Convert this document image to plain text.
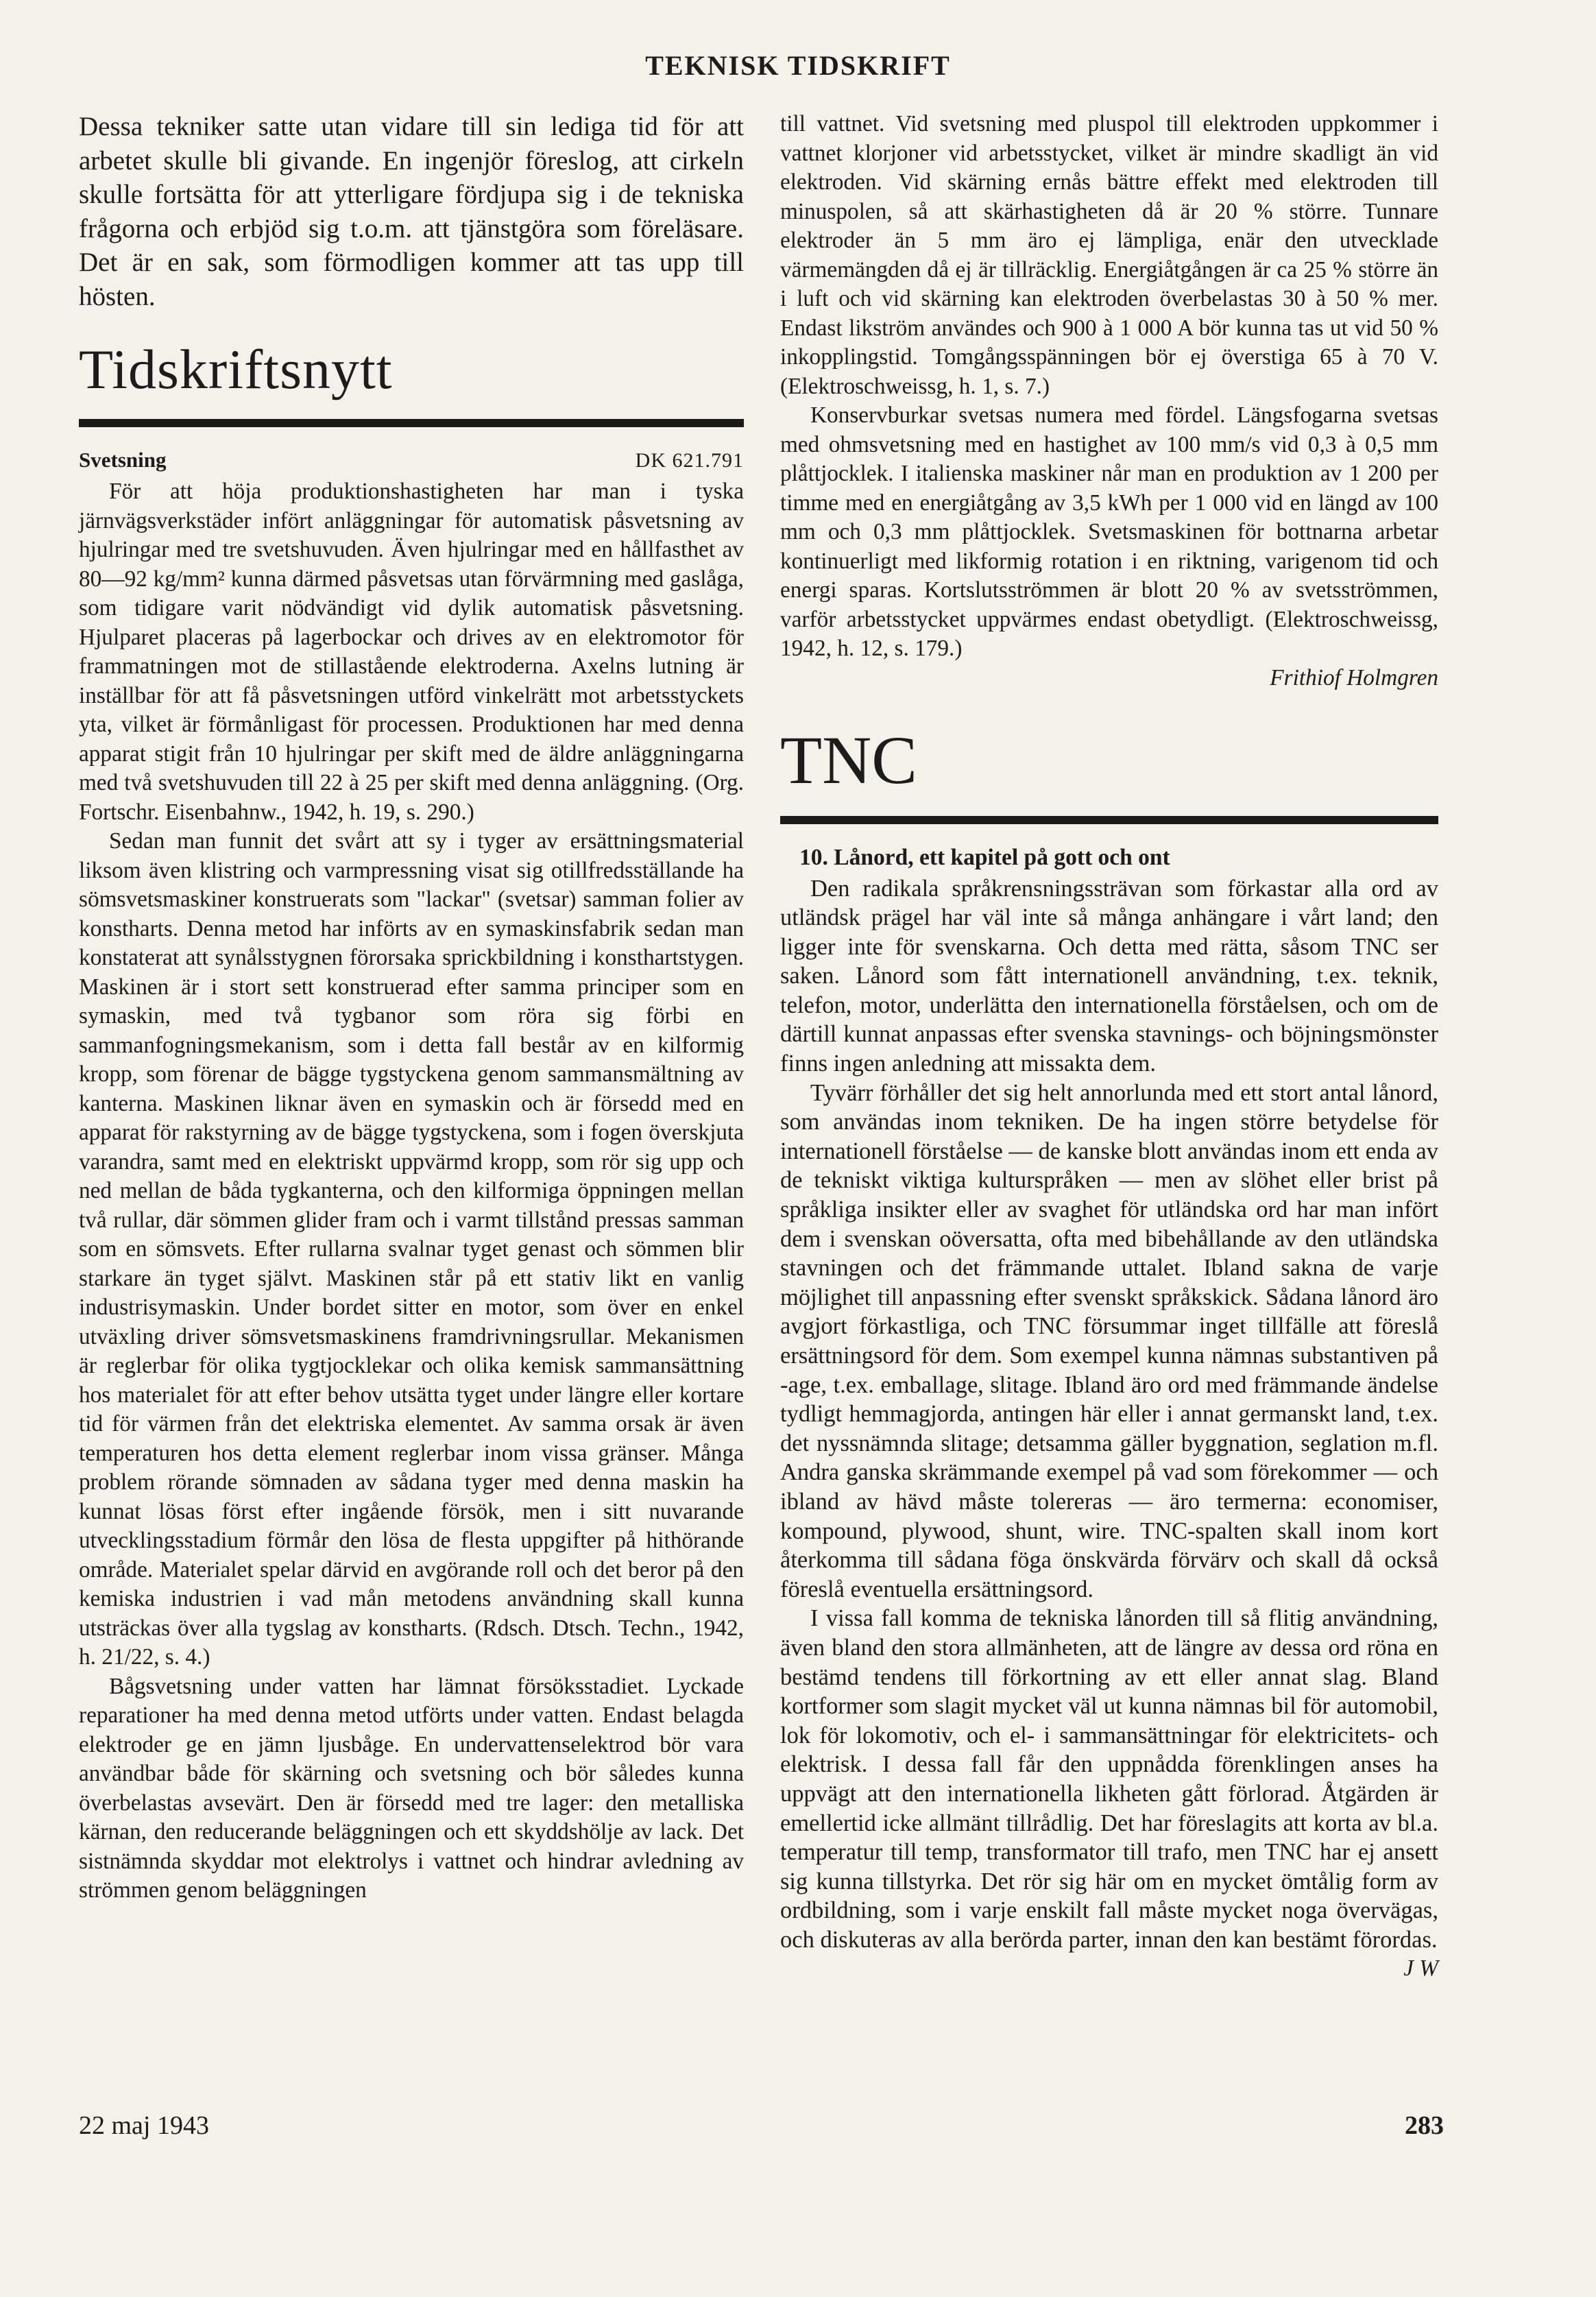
TEKNISK TIDSKRIFT

Dessa tekniker satte utan vidare till sin lediga tid för att arbetet skulle bli givande. En ingenjör föreslog, att cirkeln skulle fortsätta för att ytterligare fördjupa sig i de tekniska frågorna och erbjöd sig t.o.m. att tjänstgöra som föreläsare. Det är en sak, som förmodligen kommer att tas upp till hösten.

Tidskriftsnytt
Svetsning	DK 621.791

För att höja produktionshastigheten har man i tyska järnvägsverkstäder infört anläggningar för automatisk påsvetsning av hjulringar med tre svetshuvuden. Även hjulringar med en hållfasthet av 80—92 kg/mm² kunna därmed påsvetsas utan förvärmning med gaslåga, som tidigare varit nödvändigt vid dylik automatisk påsvetsning. Hjulparet placeras på lagerbockar och drives av en elektromotor för frammatningen mot de stillastående elektroderna. Axelns lutning är inställbar för att få påsvetsningen utförd vinkelrätt mot arbetsstyckets yta, vilket är förmånligast för processen. Produktionen har med denna apparat stigit från 10 hjulringar per skift med de äldre anläggningarna med två svetshuvuden till 22 à 25 per skift med denna anläggning. (Org. Fortschr. Eisenbahnw., 1942, h. 19, s. 290.)

Sedan man funnit det svårt att sy i tyger av ersättningsmaterial liksom även klistring och varmpressning visat sig otillfredsställande ha sömsvetsmaskiner konstruerats som "lackar" (svetsar) samman folier av konstharts. Denna metod har införts av en symaskinsfabrik sedan man konstaterat att synålsstygnen förorsaka sprickbildning i konsthartstygen. Maskinen är i stort sett konstruerad efter samma principer som en symaskin, med två tygbanor som röra sig förbi en sammanfogningsmekanism, som i detta fall består av en kilformig kropp, som förenar de bägge tygstyckena genom sammansmältning av kanterna. Maskinen liknar även en symaskin och är försedd med en apparat för rakstyrning av de bägge tygstyckena, som i fogen överskjuta varandra, samt med en elektriskt uppvärmd kropp, som rör sig upp och ned mellan de båda tygkanterna, och den kilformiga öppningen mellan två rullar, där sömmen glider fram och i varmt tillstånd pressas samman som en sömsvets. Efter rullarna svalnar tyget genast och sömmen blir starkare än tyget självt. Maskinen står på ett stativ likt en vanlig industrisymaskin. Under bordet sitter en motor, som över en enkel utväxling driver sömsvetsmaskinens framdrivningsrullar. Mekanismen är reglerbar för olika tygtjocklekar och olika kemisk sammansättning hos materialet för att efter behov utsätta tyget under längre eller kortare tid för värmen från det elektriska elementet. Av samma orsak är även temperaturen hos detta element reglerbar inom vissa gränser. Många problem rörande sömnaden av sådana tyger med denna maskin ha kunnat lösas först efter ingående försök, men i sitt nuvarande utvecklingsstadium förmår den lösa de flesta uppgifter på hithörande område. Materialet spelar därvid en avgörande roll och det beror på den kemiska industrien i vad mån metodens användning skall kunna utsträckas över alla tygslag av konstharts. (Rdsch. Dtsch. Techn., 1942, h. 21/22, s. 4.)

Bågsvetsning under vatten har lämnat försöksstadiet. Lyckade reparationer ha med denna metod utförts under vatten. Endast belagda elektroder ge en jämn ljusbåge. En undervattenselektrod bör vara användbar både för skärning och svetsning och bör således kunna överbelastas avsevärt. Den är försedd med tre lager: den metalliska kärnan, den reducerande beläggningen och ett skyddshölje av lack. Det sistnämnda skyddar mot elektrolys i vattnet och hindrar avledning av strömmen genom beläggningen

till vattnet. Vid svetsning med pluspol till elektroden uppkommer i vattnet klorjoner vid arbetsstycket, vilket är mindre skadligt än vid elektroden. Vid skärning ernås bättre effekt med elektroden till minuspolen, så att skärhastigheten då är 20 % större. Tunnare elektroder än 5 mm äro ej lämpliga, enär den utvecklade värmemängden då ej är tillräcklig. Energiåtgången är ca 25 % större än i luft och vid skärning kan elektroden överbelastas 30 à 50 % mer. Endast likström användes och 900 à 1 000 A bör kunna tas ut vid 50 % inkopplingstid. Tomgångsspänningen bör ej överstiga 65 à 70 V. (Elektroschweissg, h. 1, s. 7.)

Konservburkar svetsas numera med fördel. Längsfogarna svetsas med ohmsvetsning med en hastighet av 100 mm/s vid 0,3 à 0,5 mm plåttjocklek. I italienska maskiner når man en produktion av 1 200 per timme med en energiåtgång av 3,5 kWh per 1 000 vid en längd av 100 mm och 0,3 mm plåttjocklek. Svetsmaskinen för bottnarna arbetar kontinuerligt med likformig rotation i en riktning, varigenom tid och energi sparas. Kortslutsströmmen är blott 20 % av svetsströmmen, varför arbetsstycket uppvärmes endast obetydligt. (Elektroschweissg, 1942, h. 12, s. 179.)

Frithiof Holmgren

TNC

10. Lånord, ett kapitel på gott och ont

Den radikala språkrensningssträvan som förkastar alla ord av utländsk prägel har väl inte så många anhängare i vårt land; den ligger inte för svenskarna. Och detta med rätta, såsom TNC ser saken. Lånord som fått internationell användning, t.ex. teknik, telefon, motor, underlätta den internationella förståelsen, och om de därtill kunnat anpassas efter svenska stavnings- och böjningsmönster finns ingen anledning att missakta dem.

Tyvärr förhåller det sig helt annorlunda med ett stort antal lånord, som användas inom tekniken. De ha ingen större betydelse för internationell förståelse — de kanske blott användas inom ett enda av de tekniskt viktiga kulturspråken — men av slöhet eller brist på språkliga insikter eller av svaghet för utländska ord har man infört dem i svenskan oöversatta, ofta med bibehållande av den utländska stavningen och det främmande uttalet. Ibland sakna de varje möjlighet till anpassning efter svenskt språkskick. Sådana lånord äro avgjort förkastliga, och TNC försummar inget tillfälle att föreslå ersättningsord för dem. Som exempel kunna nämnas substantiven på -age, t.ex. emballage, slitage. Ibland äro ord med främmande ändelse tydligt hemmagjorda, antingen här eller i annat germanskt land, t.ex. det nyssnämnda slitage; detsamma gäller byggnation, seglation m.fl. Andra ganska skrämmande exempel på vad som förekommer — och ibland av hävd måste tolereras — äro termerna: economiser, kompound, plywood, shunt, wire. TNC-spalten skall inom kort återkomma till sådana föga önskvärda förvärv och skall då också föreslå eventuella ersättningsord.

I vissa fall komma de tekniska lånorden till så flitig användning, även bland den stora allmänheten, att de längre av dessa ord röna en bestämd tendens till förkortning av ett eller annat slag. Bland kortformer som slagit mycket väl ut kunna nämnas bil för automobil, lok för lokomotiv, och el- i sammansättningar för elektricitets- och elektrisk. I dessa fall får den uppnådda förenklingen anses ha uppvägt att den internationella likheten gått förlorad. Åtgärden är emellertid icke allmänt tillrådlig. Det har föreslagits att korta av bl.a. temperatur till temp, transformator till trafo, men TNC har ej ansett sig kunna tillstyrka. Det rör sig här om en mycket ömtålig form av ordbildning, som i varje enskilt fall måste mycket noga övervägas, och diskuteras av alla berörda parter, innan den kan bestämt förordas.

J W

22 maj 1943	283
